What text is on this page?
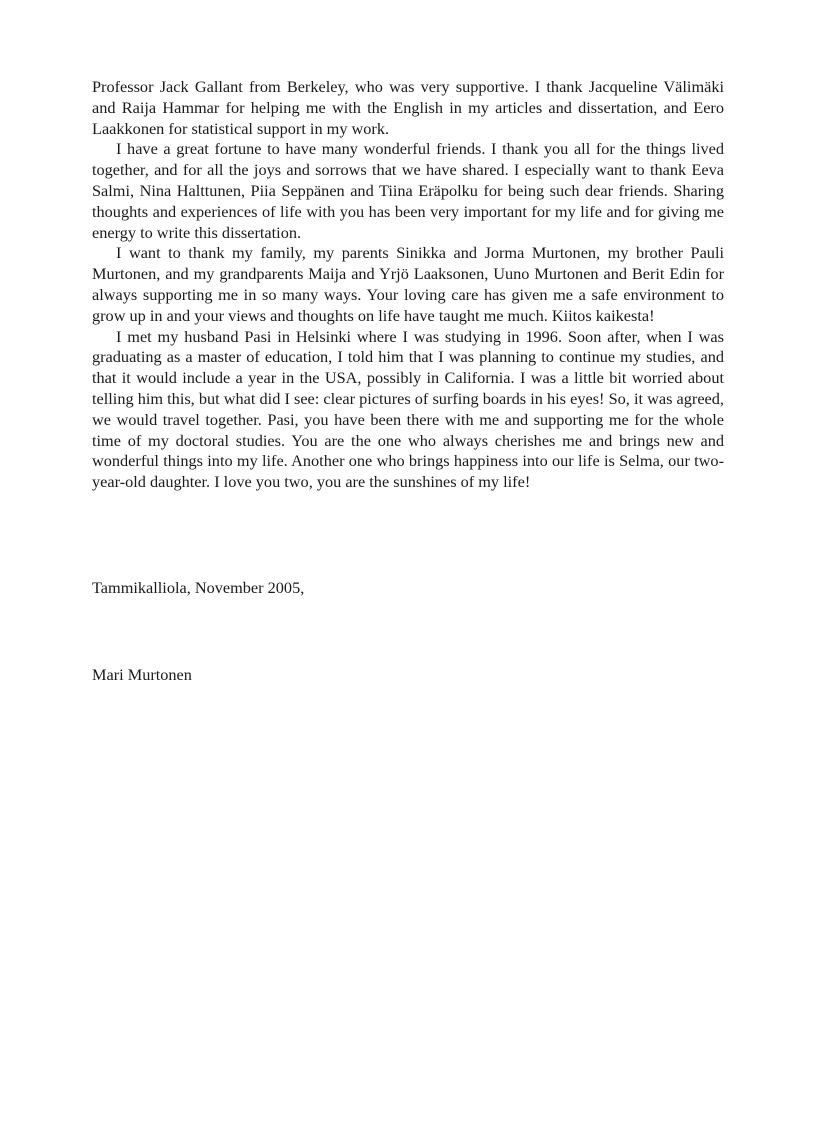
Professor Jack Gallant from Berkeley, who was very supportive. I thank Jacqueline Välimäki and Raija Hammar for helping me with the English in my articles and dissertation, and Eero Laakkonen for statistical support in my work.

I have a great fortune to have many wonderful friends. I thank you all for the things lived together, and for all the joys and sorrows that we have shared. I especially want to thank Eeva Salmi, Nina Halttunen, Piia Seppänen and Tiina Eräpolku for being such dear friends. Sharing thoughts and experiences of life with you has been very important for my life and for giving me energy to write this dissertation.

I want to thank my family, my parents Sinikka and Jorma Murtonen, my brother Pauli Murtonen, and my grandparents Maija and Yrjö Laaksonen, Uuno Murtonen and Berit Edin for always supporting me in so many ways. Your loving care has given me a safe environment to grow up in and your views and thoughts on life have taught me much. Kiitos kaikesta!

I met my husband Pasi in Helsinki where I was studying in 1996. Soon after, when I was graduating as a master of education, I told him that I was planning to continue my studies, and that it would include a year in the USA, possibly in California. I was a little bit worried about telling him this, but what did I see: clear pictures of surfing boards in his eyes! So, it was agreed, we would travel together. Pasi, you have been there with me and supporting me for the whole time of my doctoral studies. You are the one who always cherishes me and brings new and wonderful things into my life. Another one who brings happiness into our life is Selma, our two-year-old daughter. I love you two, you are the sunshines of my life!

Tammikalliola, November 2005,
Mari Murtonen
